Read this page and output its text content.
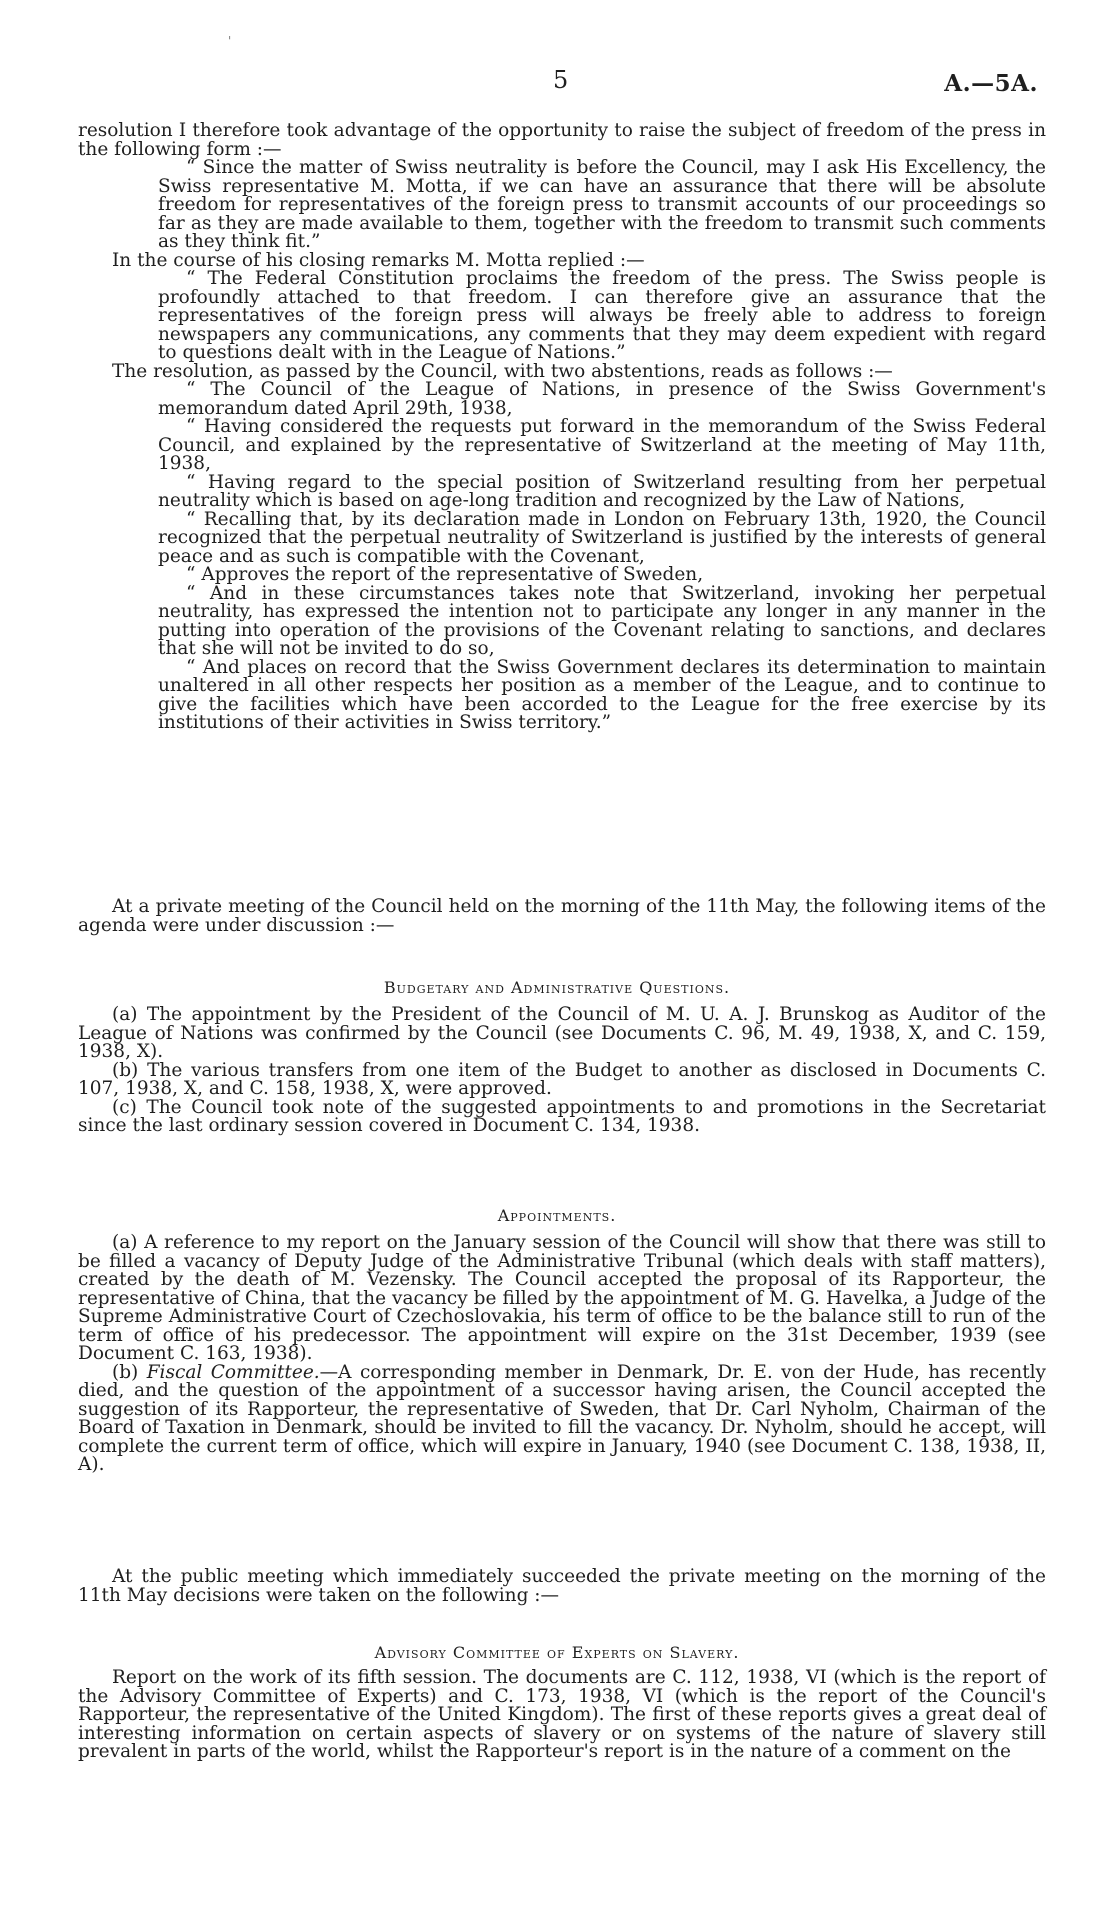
'
5	A.—5A.

resolution I therefore took advantage of the opportunity to raise the subject of freedom of the press in the following form :—

“ Since the matter of Swiss neutrality is before the Council, may I ask His Excellency, the Swiss representative M. Motta, if we can have an assurance that there will be absolute freedom for representatives of the foreign press to transmit accounts of our proceedings so far as they are made available to them, together with the freedom to transmit such comments as they think fit.”

In the course of his closing remarks M. Motta replied :—

“ The Federal Constitution proclaims the freedom of the press. The Swiss people is profoundly attached to that freedom. I can therefore give an assurance that the representatives of the foreign press will always be freely able to address to foreign newspapers any communications, any comments that they may deem expedient with regard to questions dealt with in the League of Nations.”

The resolution, as passed by the Council, with two abstentions, reads as follows :—

“ The Council of the League of Nations, in presence of the Swiss Government's memorandum dated April 29th, 1938,

“ Having considered the requests put forward in the memorandum of the Swiss Federal Council, and explained by the representative of Switzerland at the meeting of May 11th, 1938,

“ Having regard to the special position of Switzerland resulting from her perpetual neutrality which is based on age-long tradition and recognized by the Law of Nations,

“ Recalling that, by its declaration made in London on February 13th, 1920, the Council recognized that the perpetual neutrality of Switzerland is justified by the interests of general peace and as such is compatible with the Covenant,

“ Approves the report of the representative of Sweden,

“ And in these circumstances takes note that Switzerland, invoking her perpetual neutrality, has expressed the intention not to participate any longer in any manner in the putting into operation of the provisions of the Covenant relating to sanctions, and declares that she will not be invited to do so,

“ And places on record that the Swiss Government declares its determination to maintain unaltered in all other respects her position as a member of the League, and to continue to give the facilities which have been accorded to the League for the free exercise by its institutions of their activities in Swiss territory.”

At a private meeting of the Council held on the morning of the 11th May, the following items of the agenda were under discussion :—

Budgetary and Administrative Questions.

(a) The appointment by the President of the Council of M. U. A. J. Brunskog as Auditor of the League of Nations was confirmed by the Council (see Documents C. 96, M. 49, 1938, X, and C. 159, 1938, X).

(b) The various transfers from one item of the Budget to another as disclosed in Documents C. 107, 1938, X, and C. 158, 1938, X, were approved.

(c) The Council took note of the suggested appointments to and promotions in the Secretariat since the last ordinary session covered in Document C. 134, 1938.

Appointments.

(a) A reference to my report on the January session of the Council will show that there was still to be filled a vacancy of Deputy Judge of the Administrative Tribunal (which deals with staff matters), created by the death of M. Vezensky. The Council accepted the proposal of its Rapporteur, the representative of China, that the vacancy be filled by the appointment of M. G. Havelka, a Judge of the Supreme Administrative Court of Czechoslovakia, his term of office to be the balance still to run of the term of office of his predecessor. The appointment will expire on the 31st December, 1939 (see Document C. 163, 1938).

(b) Fiscal Committee.—A corresponding member in Denmark, Dr. E. von der Hude, has recently died, and the question of the appointment of a successor having arisen, the Council accepted the suggestion of its Rapporteur, the representative of Sweden, that Dr. Carl Nyholm, Chairman of the Board of Taxation in Denmark, should be invited to fill the vacancy. Dr. Nyholm, should he accept, will complete the current term of office, which will expire in January, 1940 (see Document C. 138, 1938, II, A).

At the public meeting which immediately succeeded the private meeting on the morning of the 11th May decisions were taken on the following :—

Advisory Committee of Experts on Slavery.

Report on the work of its fifth session. The documents are C. 112, 1938, VI (which is the report of the Advisory Committee of Experts) and C. 173, 1938, VI (which is the report of the Council's Rapporteur, the representative of the United Kingdom). The first of these reports gives a great deal of interesting information on certain aspects of slavery or on systems of the nature of slavery still prevalent in parts of the world, whilst the Rapporteur's report is in the nature of a comment on the
